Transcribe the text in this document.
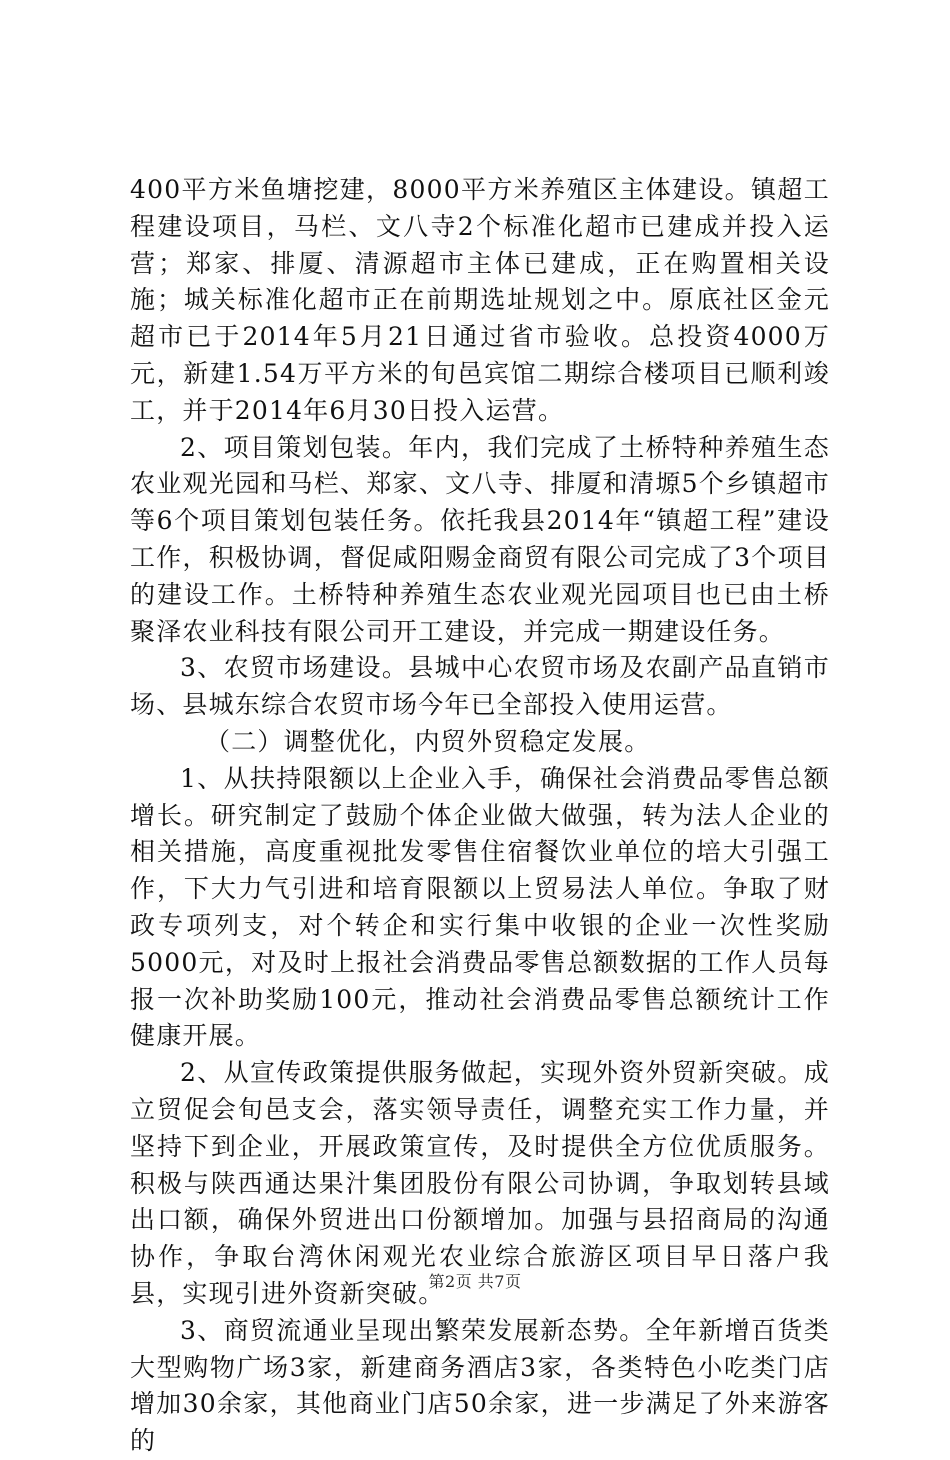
400平方米鱼塘挖建，8000平方米养殖区主体建设。镇超工程建设项目，马栏、文八寺2个标准化超市已建成并投入运营；郑家、排厦、清源超市主体已建成，正在购置相关设施；城关标准化超市正在前期选址规划之中。原底社区金元超市已于2014年5月21日通过省市验收。总投资4000万元，新建1.54万平方米的旬邑宾馆二期综合楼项目已顺利竣工，并于2014年6月30日投入运营。

2、项目策划包装。年内，我们完成了土桥特种养殖生态农业观光园和马栏、郑家、文八寺、排厦和清塬5个乡镇超市等6个项目策划包装任务。依托我县2014年“镇超工程”建设工作，积极协调，督促咸阳赐金商贸有限公司完成了3个项目的建设工作。土桥特种养殖生态农业观光园项目也已由土桥聚泽农业科技有限公司开工建设，并完成一期建设任务。

3、农贸市场建设。县城中心农贸市场及农副产品直销市场、县城东综合农贸市场今年已全部投入使用运营。

（二）调整优化，内贸外贸稳定发展。

1、从扶持限额以上企业入手，确保社会消费品零售总额增长。研究制定了鼓励个体企业做大做强，转为法人企业的相关措施，高度重视批发零售住宿餐饮业单位的培大引强工作，下大力气引进和培育限额以上贸易法人单位。争取了财政专项列支，对个转企和实行集中收银的企业一次性奖励5000元，对及时上报社会消费品零售总额数据的工作人员每报一次补助奖励100元，推动社会消费品零售总额统计工作健康开展。

2、从宣传政策提供服务做起，实现外资外贸新突破。成立贸促会旬邑支会，落实领导责任，调整充实工作力量，并坚持下到企业，开展政策宣传，及时提供全方位优质服务。积极与陕西通达果汁集团股份有限公司协调，争取划转县域出口额，确保外贸进出口份额增加。加强与县招商局的沟通协作，争取台湾休闲观光农业综合旅游区项目早日落户我县，实现引进外资新突破。

3、商贸流通业呈现出繁荣发展新态势。全年新增百货类大型购物广场3家，新建商务酒店3家，各类特色小吃类门店增加30余家，其他商业门店50余家，进一步满足了外来游客的

第2页 共7页
